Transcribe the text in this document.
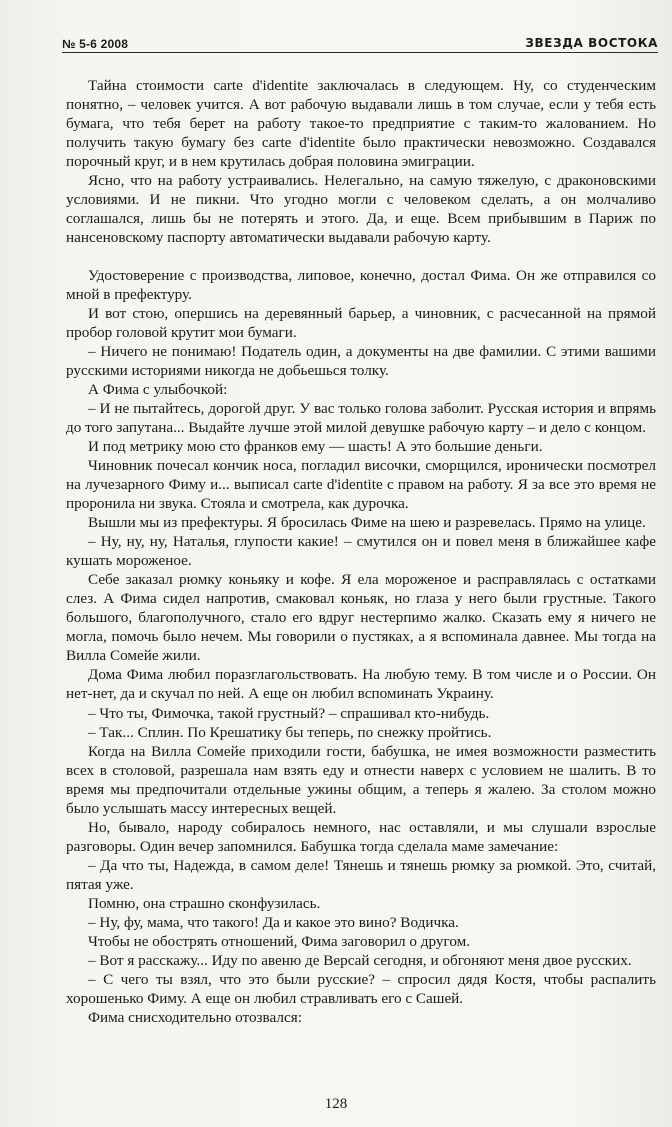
№ 5-6 2008	ЗВЕЗДА ВОСТОКА

Тайна стоимости carte d'identite заключалась в следующем. Ну, со студенческим понятно, – человек учится. А вот рабочую выдавали лишь в том случае, если у тебя есть бумага, что тебя берет на работу такое-то предприятие с таким-то жалованием. Но получить такую бумагу без carte d'identite было практически невозможно. Создавался порочный круг, и в нем крутилась добрая половина эмиграции.

Ясно, что на работу устраивались. Нелегально, на самую тяжелую, с драконовскими условиями. И не пикни. Что угодно могли с человеком сделать, а он молчаливо соглашался, лишь бы не потерять и этого. Да, и еще. Всем прибывшим в Париж по нансеновскому паспорту автоматически выдавали рабочую карту.

Удостоверение с производства, липовое, конечно, достал Фима. Он же отправился со мной в префектуру.

И вот стою, опершись на деревянный барьер, а чиновник, с расчесанной на прямой пробор головой крутит мои бумаги.

– Ничего не понимаю! Податель один, а документы на две фамилии. С этими вашими русскими историями никогда не добьешься толку.

А Фима с улыбочкой:

– И не пытайтесь, дорогой друг. У вас только голова заболит. Русская история и впрямь до того запутана... Выдайте лучше этой милой девушке рабочую карту – и дело с концом.

И под метрику мою сто франков ему — шасть! А это большие деньги.

Чиновник почесал кончик носа, погладил височки, сморщился, иронически посмотрел на лучезарного Фиму и... выписал carte d'identite с правом на работу. Я за все это время не проронила ни звука. Стояла и смотрела, как дурочка.

Вышли мы из префектуры. Я бросилась Фиме на шею и разревелась. Прямо на улице.

– Ну, ну, ну, Наталья, глупости какие! – смутился он и повел меня в ближайшее кафе кушать мороженое.

Себе заказал рюмку коньяку и кофе. Я ела мороженое и расправлялась с остатками слез. А Фима сидел напротив, смаковал коньяк, но глаза у него были грустные. Такого большого, благополучного, стало его вдруг нестерпимо жалко. Сказать ему я ничего не могла, помочь было нечем. Мы говорили о пустяках, а я вспоминала давнее. Мы тогда на Вилла Сомейе жили.

Дома Фима любил поразглагольствовать. На любую тему. В том числе и о России. Он нет-нет, да и скучал по ней. А еще он любил вспоминать Украину.

– Что ты, Фимочка, такой грустный? – спрашивал кто-нибудь.

– Так... Сплин. По Крешатику бы теперь, по снежку пройтись.

Когда на Вилла Сомейе приходили гости, бабушка, не имея возможности разместить всех в столовой, разрешала нам взять еду и отнести наверх с условием не шалить. В то время мы предпочитали отдельные ужины общим, а теперь я жалею. За столом можно было услышать массу интересных вещей.

Но, бывало, народу собиралось немного, нас оставляли, и мы слушали взрослые разговоры. Один вечер запомнился. Бабушка тогда сделала маме замечание:

– Да что ты, Надежда, в самом деле! Тянешь и тянешь рюмку за рюмкой. Это, считай, пятая уже.

Помню, она страшно сконфузилась.

– Ну, фу, мама, что такого! Да и какое это вино? Водичка.

Чтобы не обострять отношений, Фима заговорил о другом.

– Вот я расскажу... Иду по авеню де Версай сегодня, и обгоняют меня двое русских.

– С чего ты взял, что это были русские? – спросил дядя Костя, чтобы распалить хорошенько Фиму. А еще он любил стравливать его с Сашей.

Фима снисходительно отозвался:

128
